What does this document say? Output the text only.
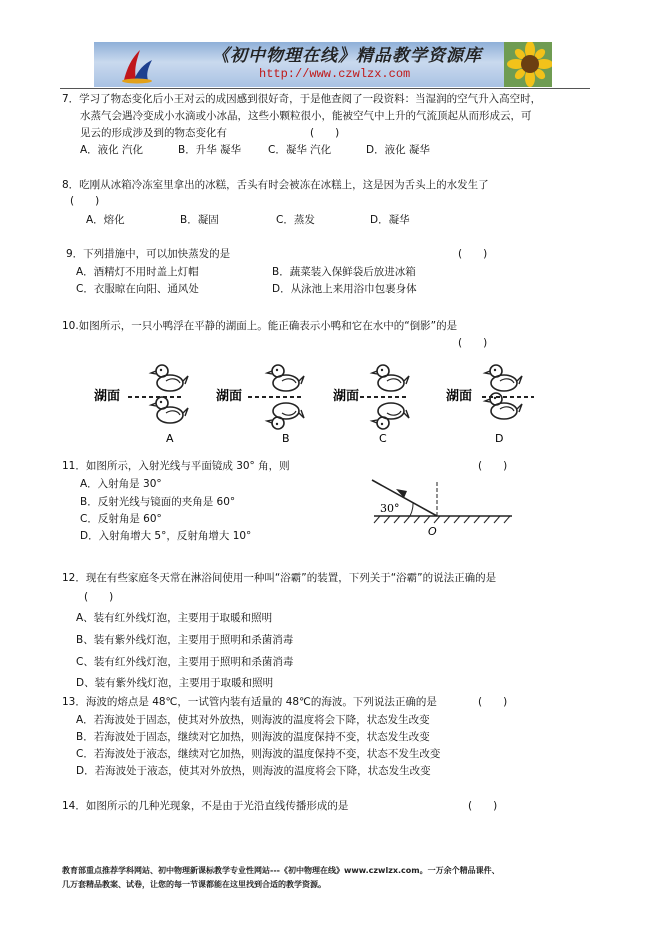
《初中物理在线》精品教学资源库
http://www.czwlzx.com
7．学习了物态变化后小王对云的成因感到很好奇，于是他查阅了一段资料：当湿润的空气升入高空时，
水蒸气会遇冷变成小水滴或小冰晶，这些小颗粒很小，能被空气中上升的气流顶起从而形成云，可
见云的形成涉及到的物态变化有	(　　)
A．液化 汽化	B．升华 凝华	C．凝华 汽化	D．液化 凝华
8．吃刚从冰箱冷冻室里拿出的冰糕，舌头有时会被冻在冰糕上，这是因为舌头上的水发生了
(　　)
A．熔化	B．凝固	C．蒸发	D．凝华
9．下列措施中，可以加快蒸发的是	(　　)
A．酒精灯不用时盖上灯帽	B．蔬菜装入保鲜袋后放进冰箱
C．衣服晾在向阳、通风处	D．从泳池上来用浴巾包裹身体
10.如图所示，一只小鸭浮在平静的湖面上。能正确表示小鸭和它在水中的“倒影”的是
(　　)
湖面	湖面	湖面	湖面
A	B	C	D
11．如图所示，入射光线与平面镜成 30° 角，则	(　　)
A．入射角是 30°
B．反射光线与镜面的夹角是 60°
C．反射角是 60°
D．入射角增大 5°，反射角增大 10°
30°
O
12．现在有些家庭冬天常在淋浴间使用一种叫“浴霸”的装置，下列关于“浴霸”的说法正确的是
(　　)
A、装有红外线灯泡，主要用于取暖和照明
B、装有紫外线灯泡，主要用于照明和杀菌消毒
C、装有红外线灯泡，主要用于照明和杀菌消毒
D、装有紫外线灯泡，主要用于取暖和照明
13．海波的熔点是 48℃，一试管内装有适量的 48℃的海波。下列说法正确的是	(　　)
A．若海波处于固态，使其对外放热，则海波的温度将会下降，状态发生改变
B．若海波处于固态，继续对它加热，则海波的温度保持不变，状态发生改变
C．若海波处于液态，继续对它加热，则海波的温度保持不变，状态不发生改变
D．若海波处于液态，使其对外放热，则海波的温度将会下降，状态发生改变
14．如图所示的几种光现象，不是由于光沿直线传播形成的是	(　　)
教育部重点推荐学科网站、初中物理新课标教学专业性网站---《初中物理在线》www.czwlzx.com。一万余个精品课件、
几万套精品教案、试卷，让您的每一节课都能在这里找到合适的教学资源。
